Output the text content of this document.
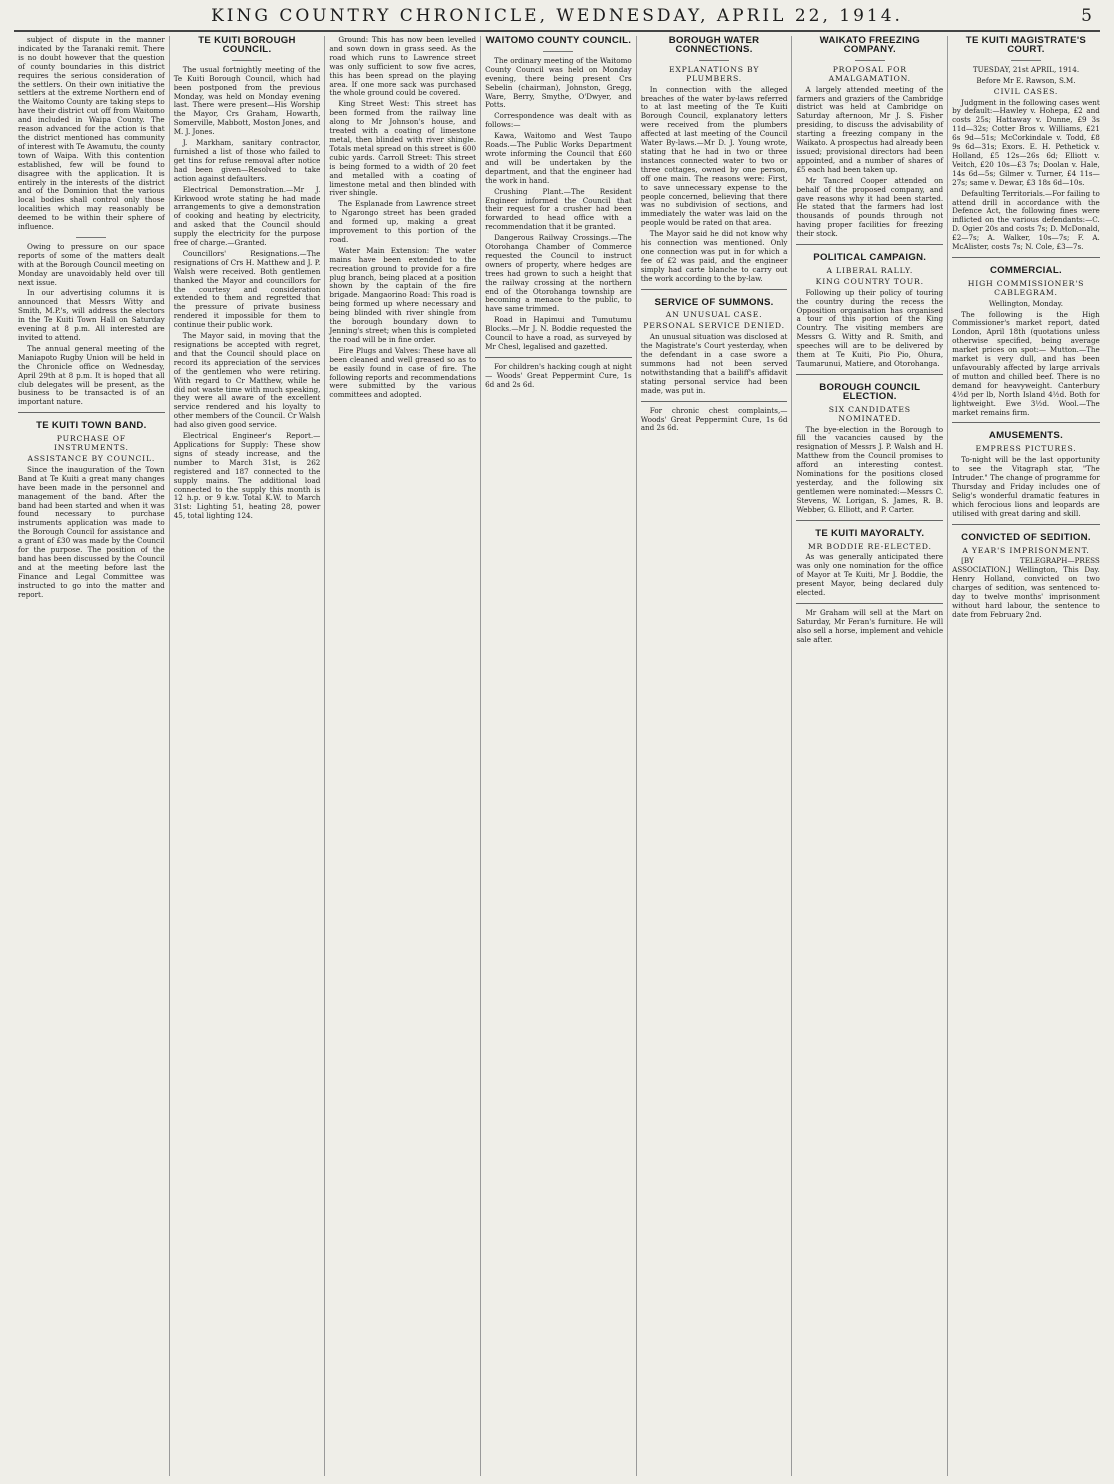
KING COUNTRY CHRONICLE, WEDNESDAY, APRIL 22, 1914.	5

subject of dispute in the manner indicated by the Taranaki remit. There is no doubt however that the question of county boundaries in this district requires the serious consideration of the settlers. On their own initiative the settlers at the extreme Northern end of the Waitomo County are taking steps to have their district cut off from Waitomo and included in Waipa County. The reason advanced for the action is that the district mentioned has community of interest with Te Awamutu, the county town of Waipa. With this contention established, few will be found to disagree with the application. It is entirely in the interests of the district and of the Dominion that the various local bodies shall control only those localities which may reasonably be deemed to be within their sphere of influence.

Owing to pressure on our space reports of some of the matters dealt with at the Borough Council meeting on Monday are unavoidably held over till next issue.

In our advertising columns it is announced that Messrs Witty and Smith, M.P.'s, will address the electors in the Te Kuiti Town Hall on Saturday evening at 8 p.m. All interested are invited to attend.

The annual general meeting of the Maniapoto Rugby Union will be held in the Chronicle office on Wednesday, April 29th at 8 p.m. It is hoped that all club delegates will be present, as the business to be transacted is of an important nature.

TE KUITI TOWN BAND.

PURCHASE OF INSTRUMENTS.

ASSISTANCE BY COUNCIL.

Since the inauguration of the Town Band at Te Kuiti a great many changes have been made in the personnel and management of the band. After the band had been started and when it was found necessary to purchase instruments application was made to the Borough Council for assistance and a grant of £30 was made by the Council for the purpose. The position of the band has been discussed by the Council and at the meeting before last the Finance and Legal Committee was instructed to go into the matter and report.

TE KUITI BOROUGH COUNCIL.

The usual fortnightly meeting of the Te Kuiti Borough Council, which had been postponed from the previous Monday, was held on Monday evening last. There were present—His Worship the Mayor, Crs Graham, Howarth, Somerville, Mabbott, Moston Jones, and M. J. Jones.

J. Markham, sanitary contractor, furnished a list of those who failed to get tins for refuse removal after notice had been given—Resolved to take action against defaulters.

Electrical Demonstration.—Mr J. Kirkwood wrote stating he had made arrangements to give a demonstration of cooking and heating by electricity, and asked that the Council should supply the electricity for the purpose free of charge.—Granted.

Councillors' Resignations.—The resignations of Crs H. Matthew and J. P. Walsh were received. Both gentlemen thanked the Mayor and councillors for the courtesy and consideration extended to them and regretted that the pressure of private business rendered it impossible for them to continue their public work.

The Mayor said, in moving that the resignations be accepted with regret, and that the Council should place on record its appreciation of the services of the gentlemen who were retiring. With regard to Cr Matthew, while he did not waste time with much speaking, they were all aware of the excellent service rendered and his loyalty to other members of the Council. Cr Walsh had also given good service.

Electrical Engineer's Report.—Applications for Supply: These show signs of steady increase, and the number to March 31st, is 262 registered and 187 connected to the supply mains. The additional load connected to the supply this month is 12 h.p. or 9 k.w. Total K.W. to March 31st: Lighting 51, heating 28, power 45, total lighting 124.

Ground: This has now been levelled and sown down in grass seed. As the road which runs to Lawrence street was only sufficient to sow five acres, this has been spread on the playing area. If one more sack was purchased the whole ground could be covered.

King Street West: This street has been formed from the railway line along to Mr Johnson's house, and treated with a coating of limestone metal, then blinded with river shingle. Totals metal spread on this street is 600 cubic yards. Carroll Street: This street is being formed to a width of 20 feet and metalled with a coating of limestone metal and then blinded with river shingle.

The Esplanade from Lawrence street to Ngarongo street has been graded and formed up, making a great improvement to this portion of the road.

Water Main Extension: The water mains have been extended to the recreation ground to provide for a fire plug branch, being placed at a position shown by the captain of the fire brigade. Mangaorino Road: This road is being formed up where necessary and being blinded with river shingle from the borough boundary down to Jenning's street; when this is completed the road will be in fine order.

Fire Plugs and Valves: These have all been cleaned and well greased so as to be easily found in case of fire. The following reports and recommendations were submitted by the various committees and adopted.

WAITOMO COUNTY COUNCIL.

The ordinary meeting of the Waitomo County Council was held on Monday evening, there being present Crs Sebelin (chairman), Johnston, Gregg, Ware, Berry, Smythe, O'Dwyer, and Potts.

Correspondence was dealt with as follows:—

Kawa, Waitomo and West Taupo Roads.—The Public Works Department wrote informing the Council that £60 and will be undertaken by the department, and that the engineer had the work in hand.

Crushing Plant.—The Resident Engineer informed the Council that their request for a crusher had been forwarded to head office with a recommendation that it be granted.

Dangerous Railway Crossings.—The Otorohanga Chamber of Commerce requested the Council to instruct owners of property, where hedges are trees had grown to such a height that the railway crossing at the northern end of the Otorohanga township are becoming a menace to the public, to have same trimmed.

Road in Hapimui and Tumutumu Blocks.—Mr J. N. Boddie requested the Council to have a road, as surveyed by Mr Chesl, legalised and gazetted.

For children's hacking cough at night — Woods' Great Peppermint Cure, 1s 6d and 2s 6d.

BOROUGH WATER CONNECTIONS.

EXPLANATIONS BY PLUMBERS.

In connection with the alleged breaches of the water by-laws referred to at last meeting of the Te Kuiti Borough Council, explanatory letters were received from the plumbers affected at last meeting of the Council Water By-laws.—Mr D. J. Young wrote, stating that he had in two or three instances connected water to two or three cottages, owned by one person, off one main. The reasons were: First, to save unnecessary expense to the people concerned, believing that there was no subdivision of sections, and immediately the water was laid on the people would be rated on that area.

The Mayor said he did not know why his connection was mentioned. Only one connection was put in for which a fee of £2 was paid, and the engineer simply had carte blanche to carry out the work according to the by-law.

SERVICE OF SUMMONS.

AN UNUSUAL CASE.

PERSONAL SERVICE DENIED.

An unusual situation was disclosed at the Magistrate's Court yesterday, when the defendant in a case swore a summons had not been served notwithstanding that a bailiff's affidavit stating personal service had been made, was put in.

For chronic chest complaints,—Woods' Great Peppermint Cure, 1s 6d and 2s 6d.

WAIKATO FREEZING COMPANY.

PROPOSAL FOR AMALGAMATION.

A largely attended meeting of the farmers and graziers of the Cambridge district was held at Cambridge on Saturday afternoon, Mr J. S. Fisher presiding, to discuss the advisability of starting a freezing company in the Waikato. A prospectus had already been issued; provisional directors had been appointed, and a number of shares of £5 each had been taken up.

Mr Tancred Cooper attended on behalf of the proposed company, and gave reasons why it had been started. He stated that the farmers had lost thousands of pounds through not having proper facilities for freezing their stock.

POLITICAL CAMPAIGN.

A LIBERAL RALLY.

KING COUNTRY TOUR.

Following up their policy of touring the country during the recess the Opposition organisation has organised a tour of this portion of the King Country. The visiting members are Messrs G. Witty and R. Smith, and speeches will are to be delivered by them at Te Kuiti, Pio Pio, Ohura, Taumarunui, Matiere, and Otorohanga.

BOROUGH COUNCIL ELECTION.

SIX CANDIDATES NOMINATED.

The bye-election in the Borough to fill the vacancies caused by the resignation of Messrs J. P. Walsh and H. Matthew from the Council promises to afford an interesting contest. Nominations for the positions closed yesterday, and the following six gentlemen were nominated:—Messrs C. Stevens, W. Lorigan, S. James, R. B. Webber, G. Elliott, and P. Carter.

TE KUITI MAYORALTY.

MR BODDIE RE-ELECTED.

As was generally anticipated there was only one nomination for the office of Mayor at Te Kuiti, Mr J. Boddie, the present Mayor, being declared duly elected.

Mr Graham will sell at the Mart on Saturday, Mr Feran's furniture. He will also sell a horse, implement and vehicle sale after.

TE KUITI MAGISTRATE'S COURT.

TUESDAY, 21st APRIL, 1914.

Before Mr E. Rawson, S.M.

CIVIL CASES.

Judgment in the following cases went by default:—Hawley v. Hohepa, £2 and costs 25s; Hattaway v. Dunne, £9 3s 11d—32s; Cotter Bros v. Williams, £21 6s 9d—51s; McCorkindale v. Todd, £8 9s 6d—31s; Exors. E. H. Pethetick v. Holland, £5 12s—26s 6d; Elliott v. Veitch, £20 10s—£3 7s; Doolan v. Hale, 14s 6d—5s; Gilmer v. Turner, £4 11s—27s; same v. Dewar, £3 18s 6d—10s.

Defaulting Territorials.—For failing to attend drill in accordance with the Defence Act, the following fines were inflicted on the various defendants:—C. D. Ogier 20s and costs 7s; D. McDonald, £2—7s; A. Walker, 10s—7s; F. A. McAlister, costs 7s; N. Cole, £3—7s.

COMMERCIAL.

HIGH COMMISSIONER'S CABLEGRAM.

Wellington, Monday.

The following is the High Commissioner's market report, dated London, April 18th (quotations unless otherwise specified, being average market prices on spot:— Mutton.—The market is very dull, and has been unfavourably affected by large arrivals of mutton and chilled beef. There is no demand for heavyweight. Canterbury 4½d per lb, North Island 4½d. Both for lightweight. Ewe 3½d. Wool.—The market remains firm.

AMUSEMENTS.

EMPRESS PICTURES.

To-night will be the last opportunity to see the Vitagraph star, "The Intruder." The change of programme for Thursday and Friday includes one of Selig's wonderful dramatic features in which ferocious lions and leopards are utilised with great daring and skill.

CONVICTED OF SEDITION.

A YEAR'S IMPRISONMENT.

[BY TELEGRAPH—PRESS ASSOCIATION.] Wellington, This Day. Henry Holland, convicted on two charges of sedition, was sentenced to-day to twelve months' imprisonment without hard labour, the sentence to date from February 2nd.
